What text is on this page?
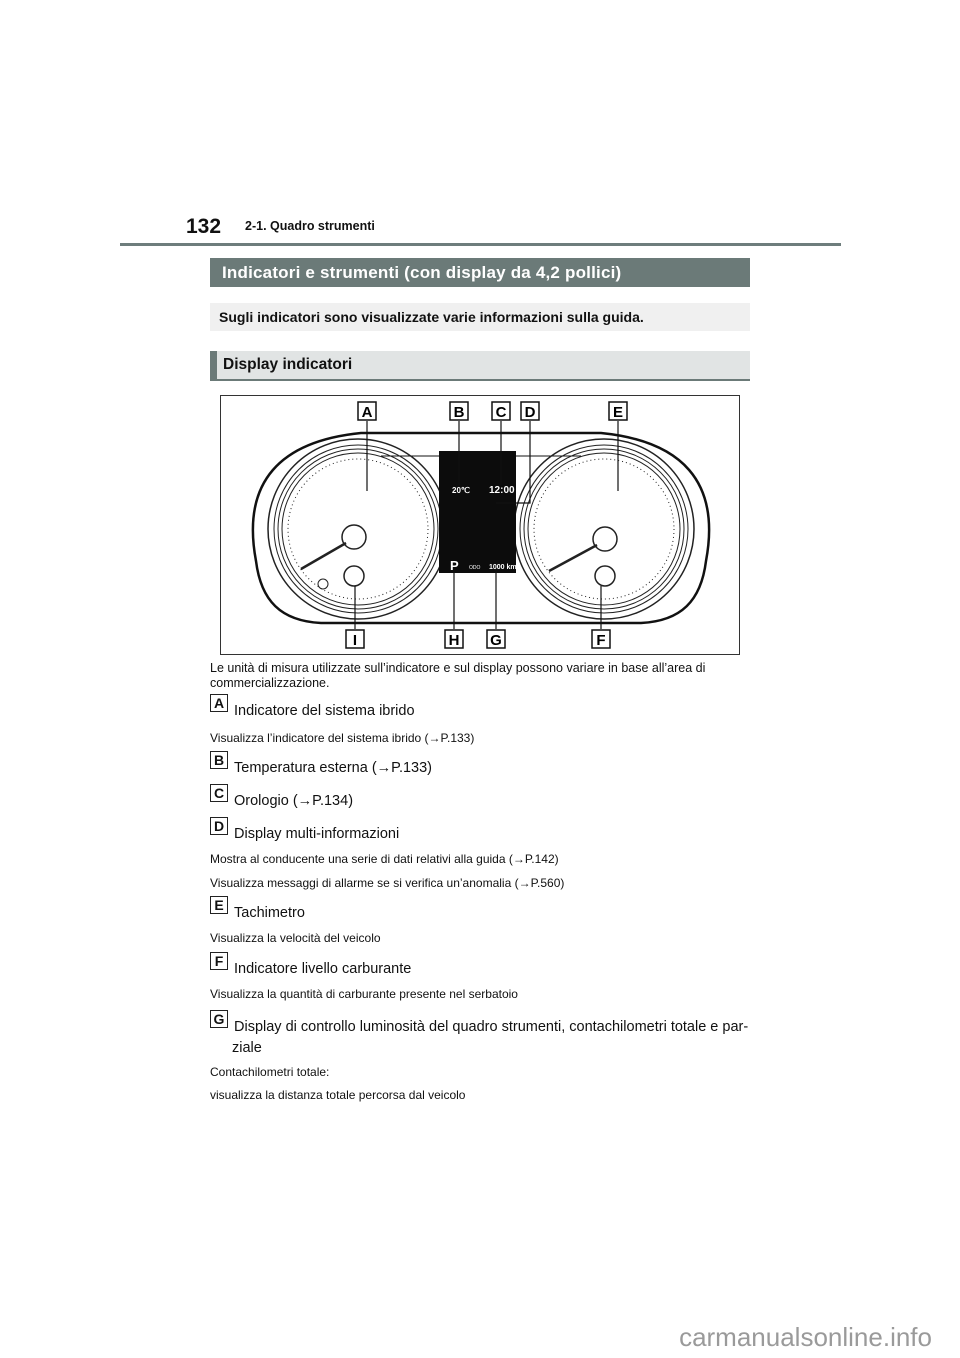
132 2-1. Quadro strumenti
Indicatori e strumenti (con display da 4,2 pollici)
Sugli indicatori sono visualizzate varie informazioni sulla guida.
Display indicatori
20℃ 12:00
P ODO 1000 km
A	B C D	E
F
G
H
I
Le unità di misura utilizzate sull’indicatore e sul display possono variare in base all’area di commercializzazione.
A Indicatore del sistema ibrido
Visualizza l’indicatore del sistema ibrido (→P.133)
B Temperatura esterna (→P.133)
C Orologio (→P.134)
D Display multi-informazioni
Mostra al conducente una serie di dati relativi alla guida (→P.142)
Visualizza messaggi di allarme se si verifica un’anomalia (→P.560)
E Tachimetro
Visualizza la velocità del veicolo
F Indicatore livello carburante
Visualizza la quantità di carburante presente nel serbatoio
G Display di controllo luminosità del quadro strumenti, contachilometri totale e par-
ziale
Contachilometri totale:
visualizza la distanza totale percorsa dal veicolo
carmanualsonline.info
